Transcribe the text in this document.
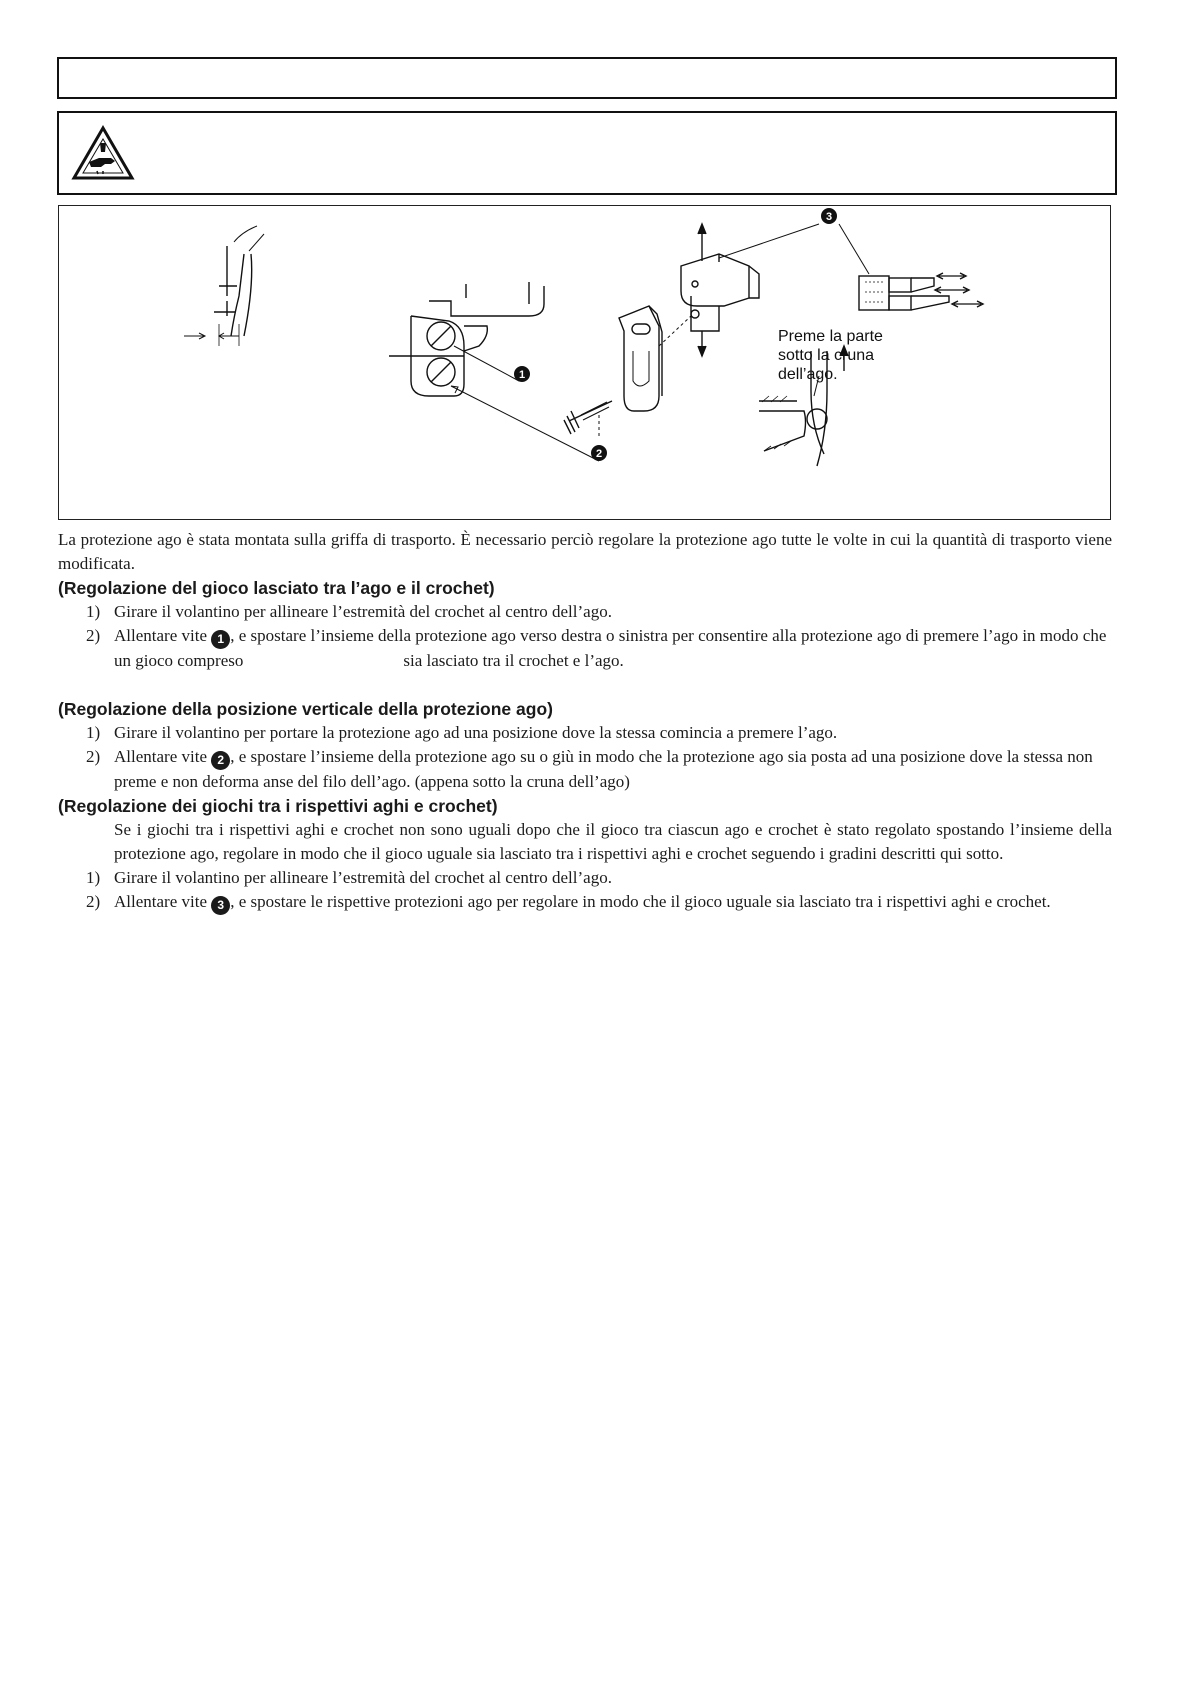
1
2
3
Preme la parte
sotto la cruna
dell’ago.

La protezione ago è stata montata sulla griffa di trasporto. È necessario perciò regolare la protezione ago tutte le volte in cui la quantità di trasporto viene modificata.

(Regolazione del gioco lasciato tra l’ago e il crochet)

1) Girare il volantino per allineare l’estremità del crochet al centro dell’ago.

2) Allentare vite 1 , e spostare l’insieme della protezione ago verso destra o sinistra per consentire alla protezione ago di premere l’ago in modo che un gioco compreso	sia lasciato tra il crochet e l’ago.

(Regolazione della posizione verticale della protezione ago)

1) Girare il volantino per portare la protezione ago ad una posizione dove la stessa comincia a premere l’ago.

2) Allentare vite 2 , e spostare l’insieme della protezione ago su o giù in modo che la protezione ago sia posta ad una posizione dove la stessa non preme e non deforma anse del filo dell’ago. (appena sotto la cruna dell’ago)

(Regolazione dei giochi tra i rispettivi aghi e crochet)

Se i giochi tra i rispettivi aghi e crochet non sono uguali dopo che il gioco tra ciascun ago e crochet è stato regolato spostando l’insieme della protezione ago, regolare in modo che il gioco uguale sia lasciato tra i rispettivi aghi e crochet seguendo i gradini descritti qui sotto.

1) Girare il volantino per allineare l’estremità del crochet al centro dell’ago.

2) Allentare vite 3 , e spostare le rispettive protezioni ago per regolare in modo che il gioco uguale sia lasciato tra i rispettivi aghi e crochet.
